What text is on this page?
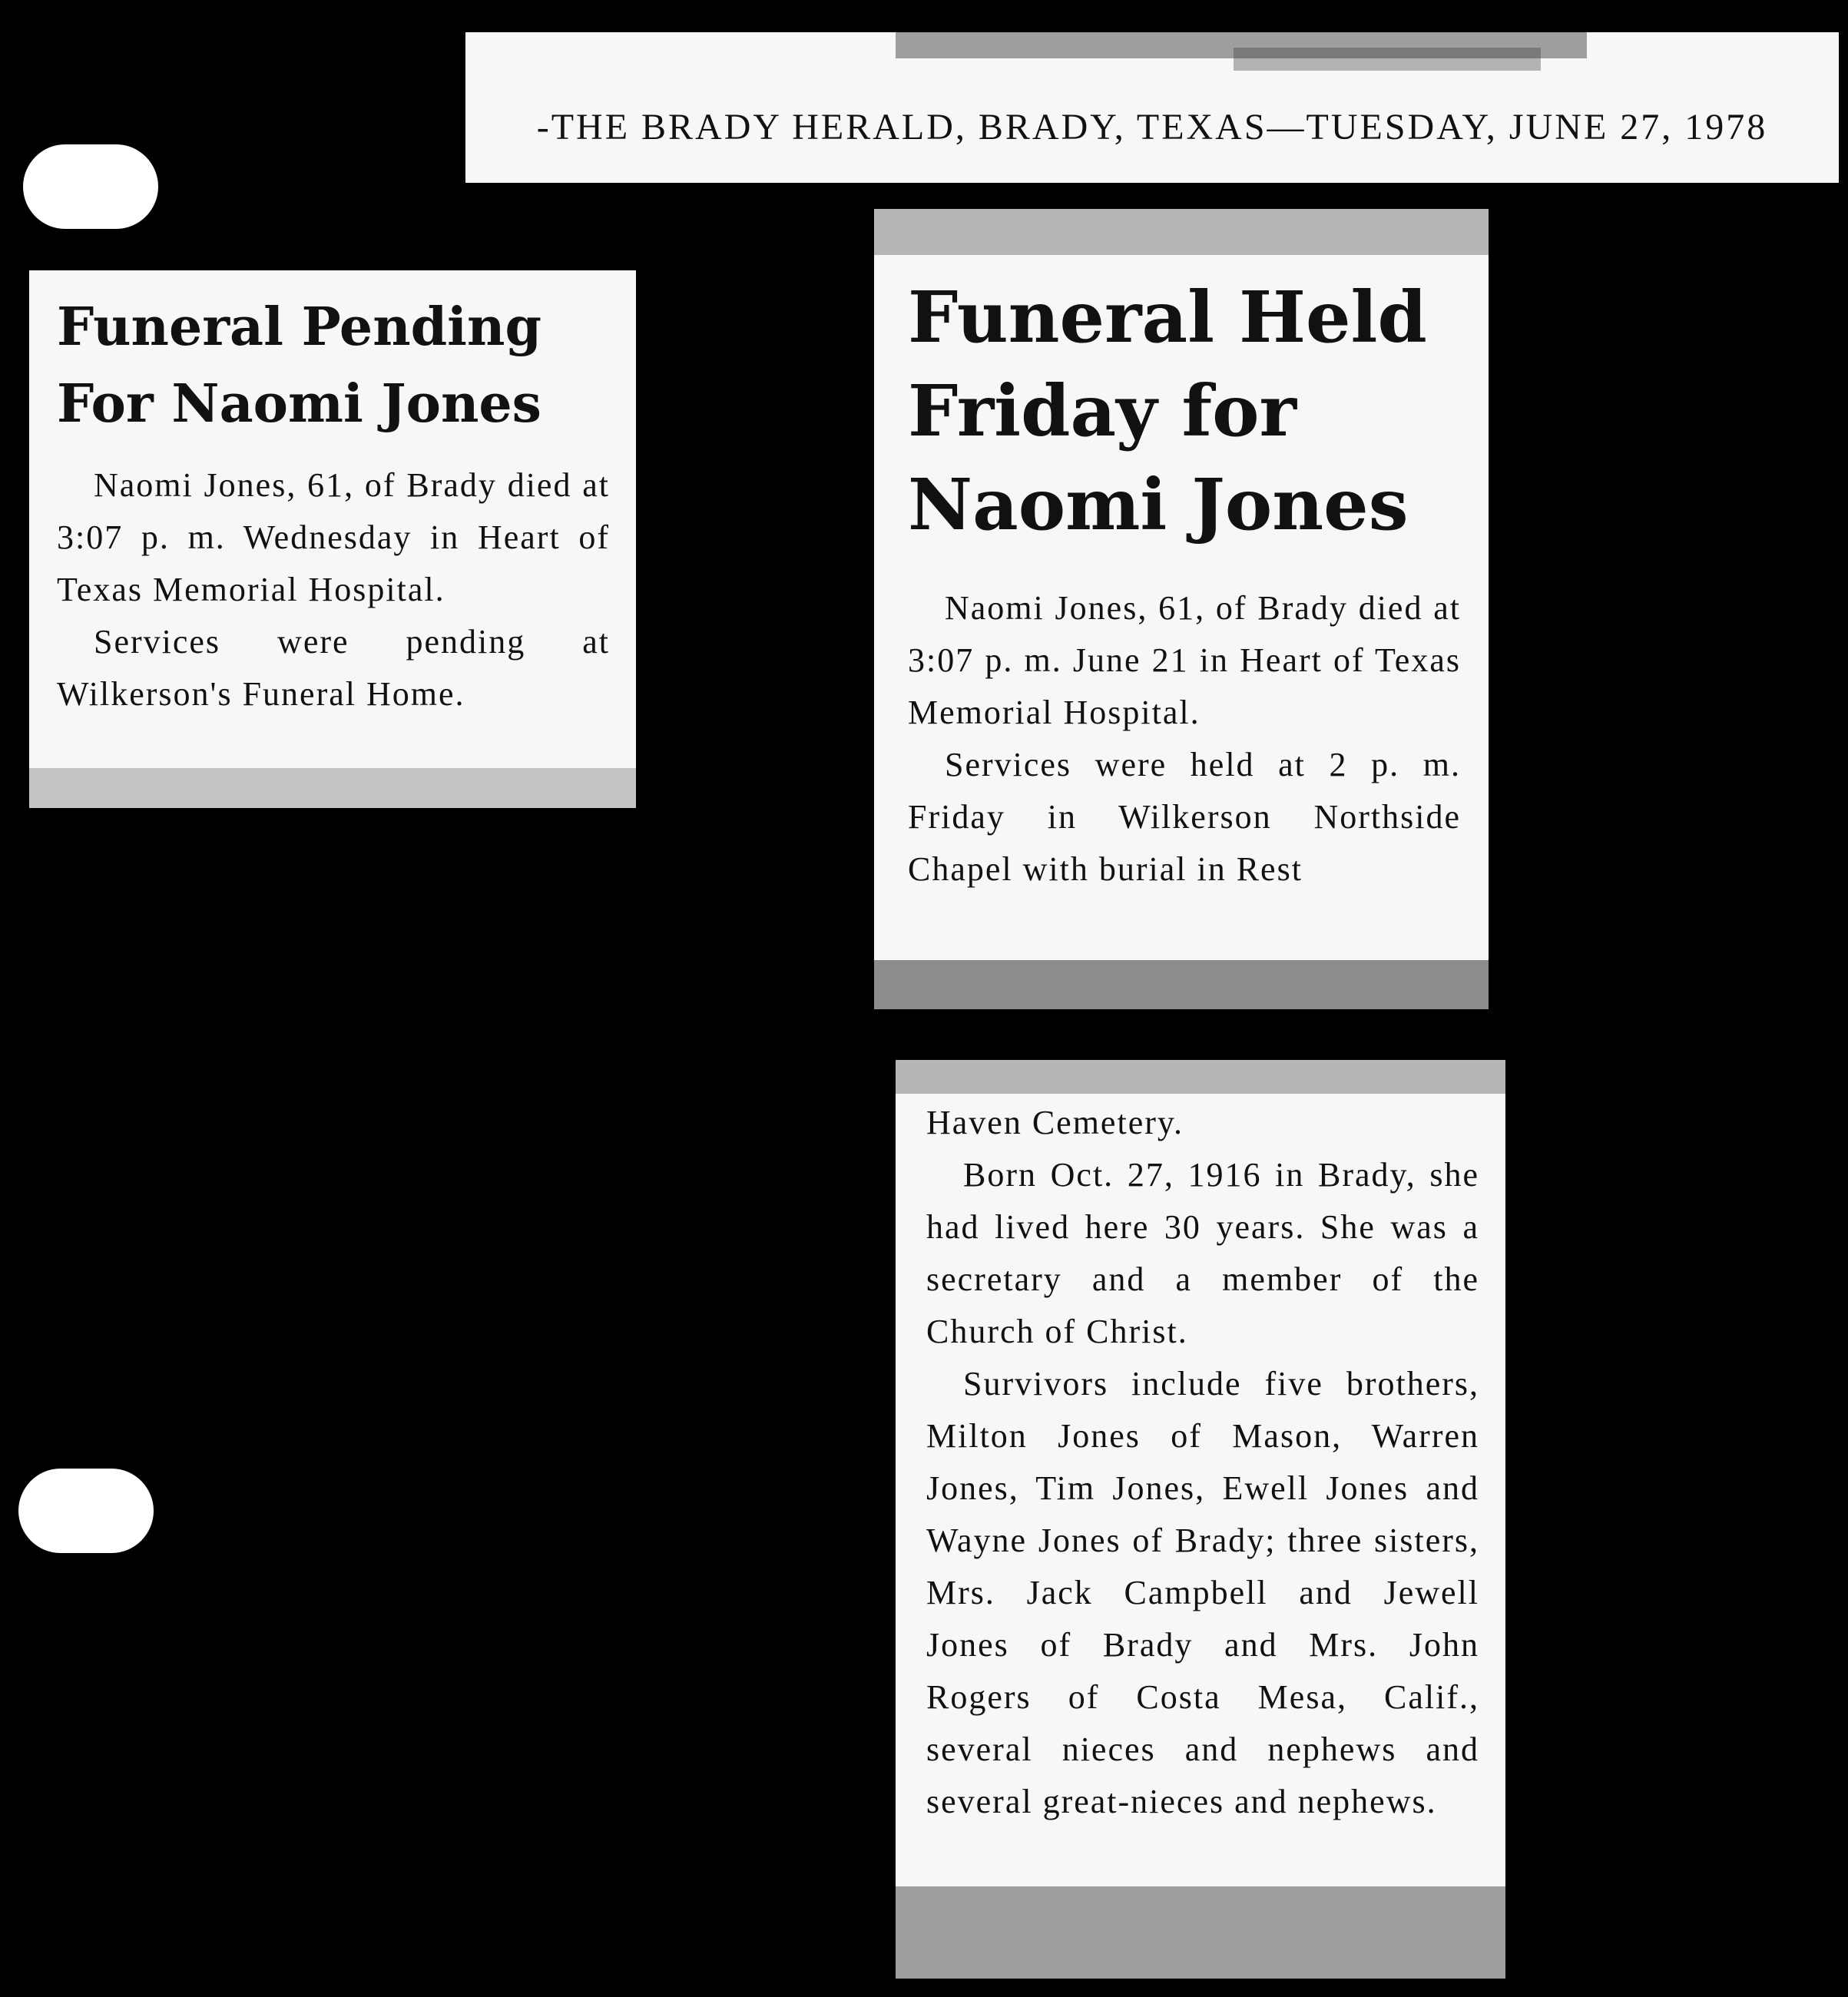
-THE BRADY HERALD, BRADY, TEXAS—TUESDAY, JUNE 27, 1978

Funeral Pending

For Naomi Jones

Naomi Jones, 61, of Brady died at 3:07 p. m. Wednesday in Heart of Texas Memorial Hospital.

Services were pending at Wilkerson's Funeral Home.

Funeral Held

Friday for

Naomi Jones

Naomi Jones, 61, of Brady died at 3:07 p. m. June 21 in Heart of Texas Memorial Hospital.

Services were held at 2 p. m. Friday in Wilkerson Northside Chapel with burial in Rest

Haven Cemetery.

Born Oct. 27, 1916 in Brady, she had lived here 30 years. She was a secretary and a member of the Church of Christ.

Survivors include five brothers, Milton Jones of Mason, Warren Jones, Tim Jones, Ewell Jones and Wayne Jones of Brady; three sisters, Mrs. Jack Campbell and Jewell Jones of Brady and Mrs. John Rogers of Costa Mesa, Calif., several nieces and nephews and several great-nieces and nephews.
